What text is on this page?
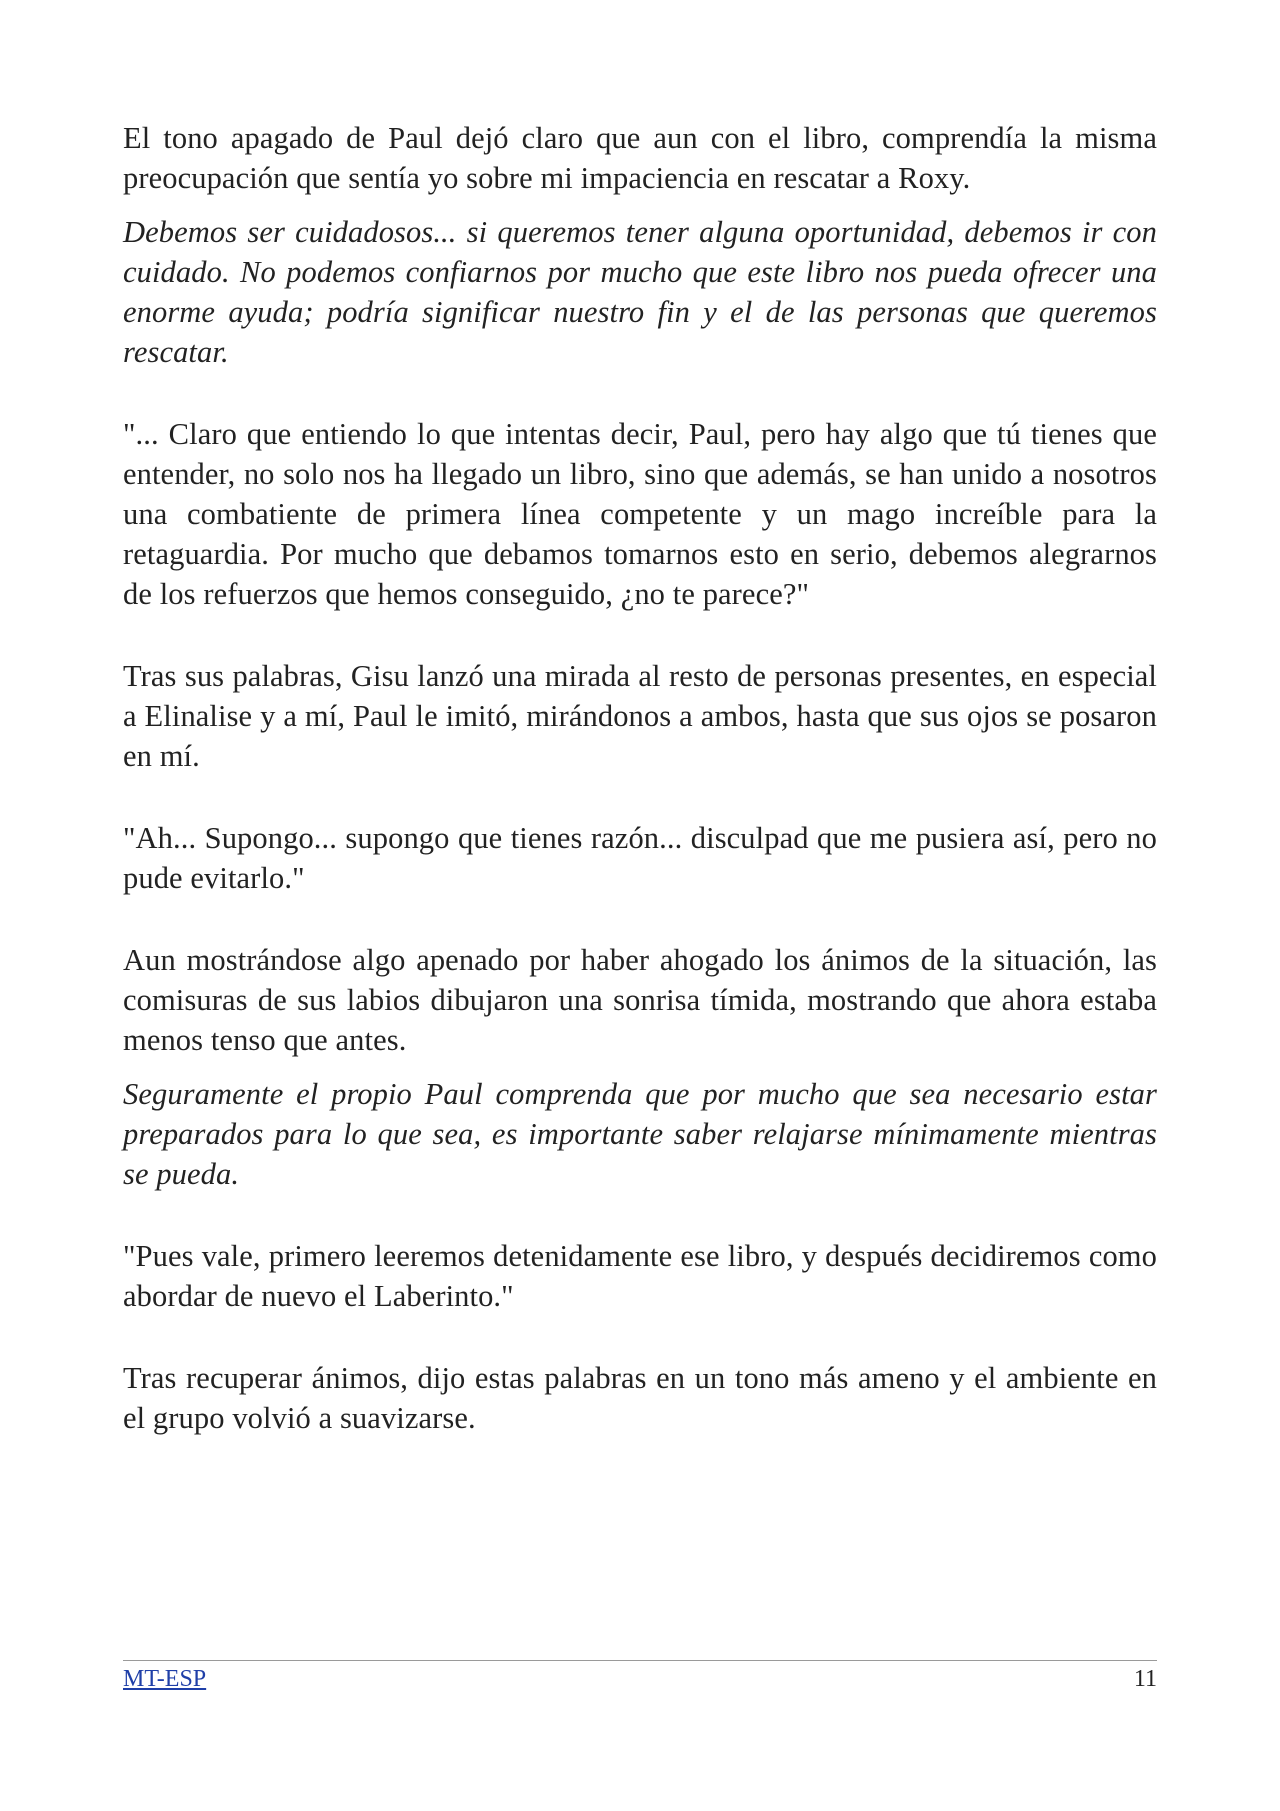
El tono apagado de Paul dejó claro que aun con el libro, comprendía la misma preocupación que sentía yo sobre mi impaciencia en rescatar a Roxy.

Debemos ser cuidadosos... si queremos tener alguna oportunidad, debemos ir con cuidado. No podemos confiarnos por mucho que este libro nos pueda ofrecer una enorme ayuda; podría significar nuestro fin y el de las personas que queremos rescatar.

"... Claro que entiendo lo que intentas decir, Paul, pero hay algo que tú tienes que entender, no solo nos ha llegado un libro, sino que además, se han unido a nosotros una combatiente de primera línea competente y un mago increíble para la retaguardia. Por mucho que debamos tomarnos esto en serio, debemos alegrarnos de los refuerzos que hemos conseguido, ¿no te parece?"

Tras sus palabras, Gisu lanzó una mirada al resto de personas presentes, en especial a Elinalise y a mí, Paul le imitó, mirándonos a ambos, hasta que sus ojos se posaron en mí.

"Ah... Supongo... supongo que tienes razón... disculpad que me pusiera así, pero no pude evitarlo."

Aun mostrándose algo apenado por haber ahogado los ánimos de la situación, las comisuras de sus labios dibujaron una sonrisa tímida, mostrando que ahora estaba menos tenso que antes.

Seguramente el propio Paul comprenda que por mucho que sea necesario estar preparados para lo que sea, es importante saber relajarse mínimamente mientras se pueda.

"Pues vale, primero leeremos detenidamente ese libro, y después decidiremos como abordar de nuevo el Laberinto."

Tras recuperar ánimos, dijo estas palabras en un tono más ameno y el ambiente en el grupo volvió a suavizarse.

MT-ESP	11
